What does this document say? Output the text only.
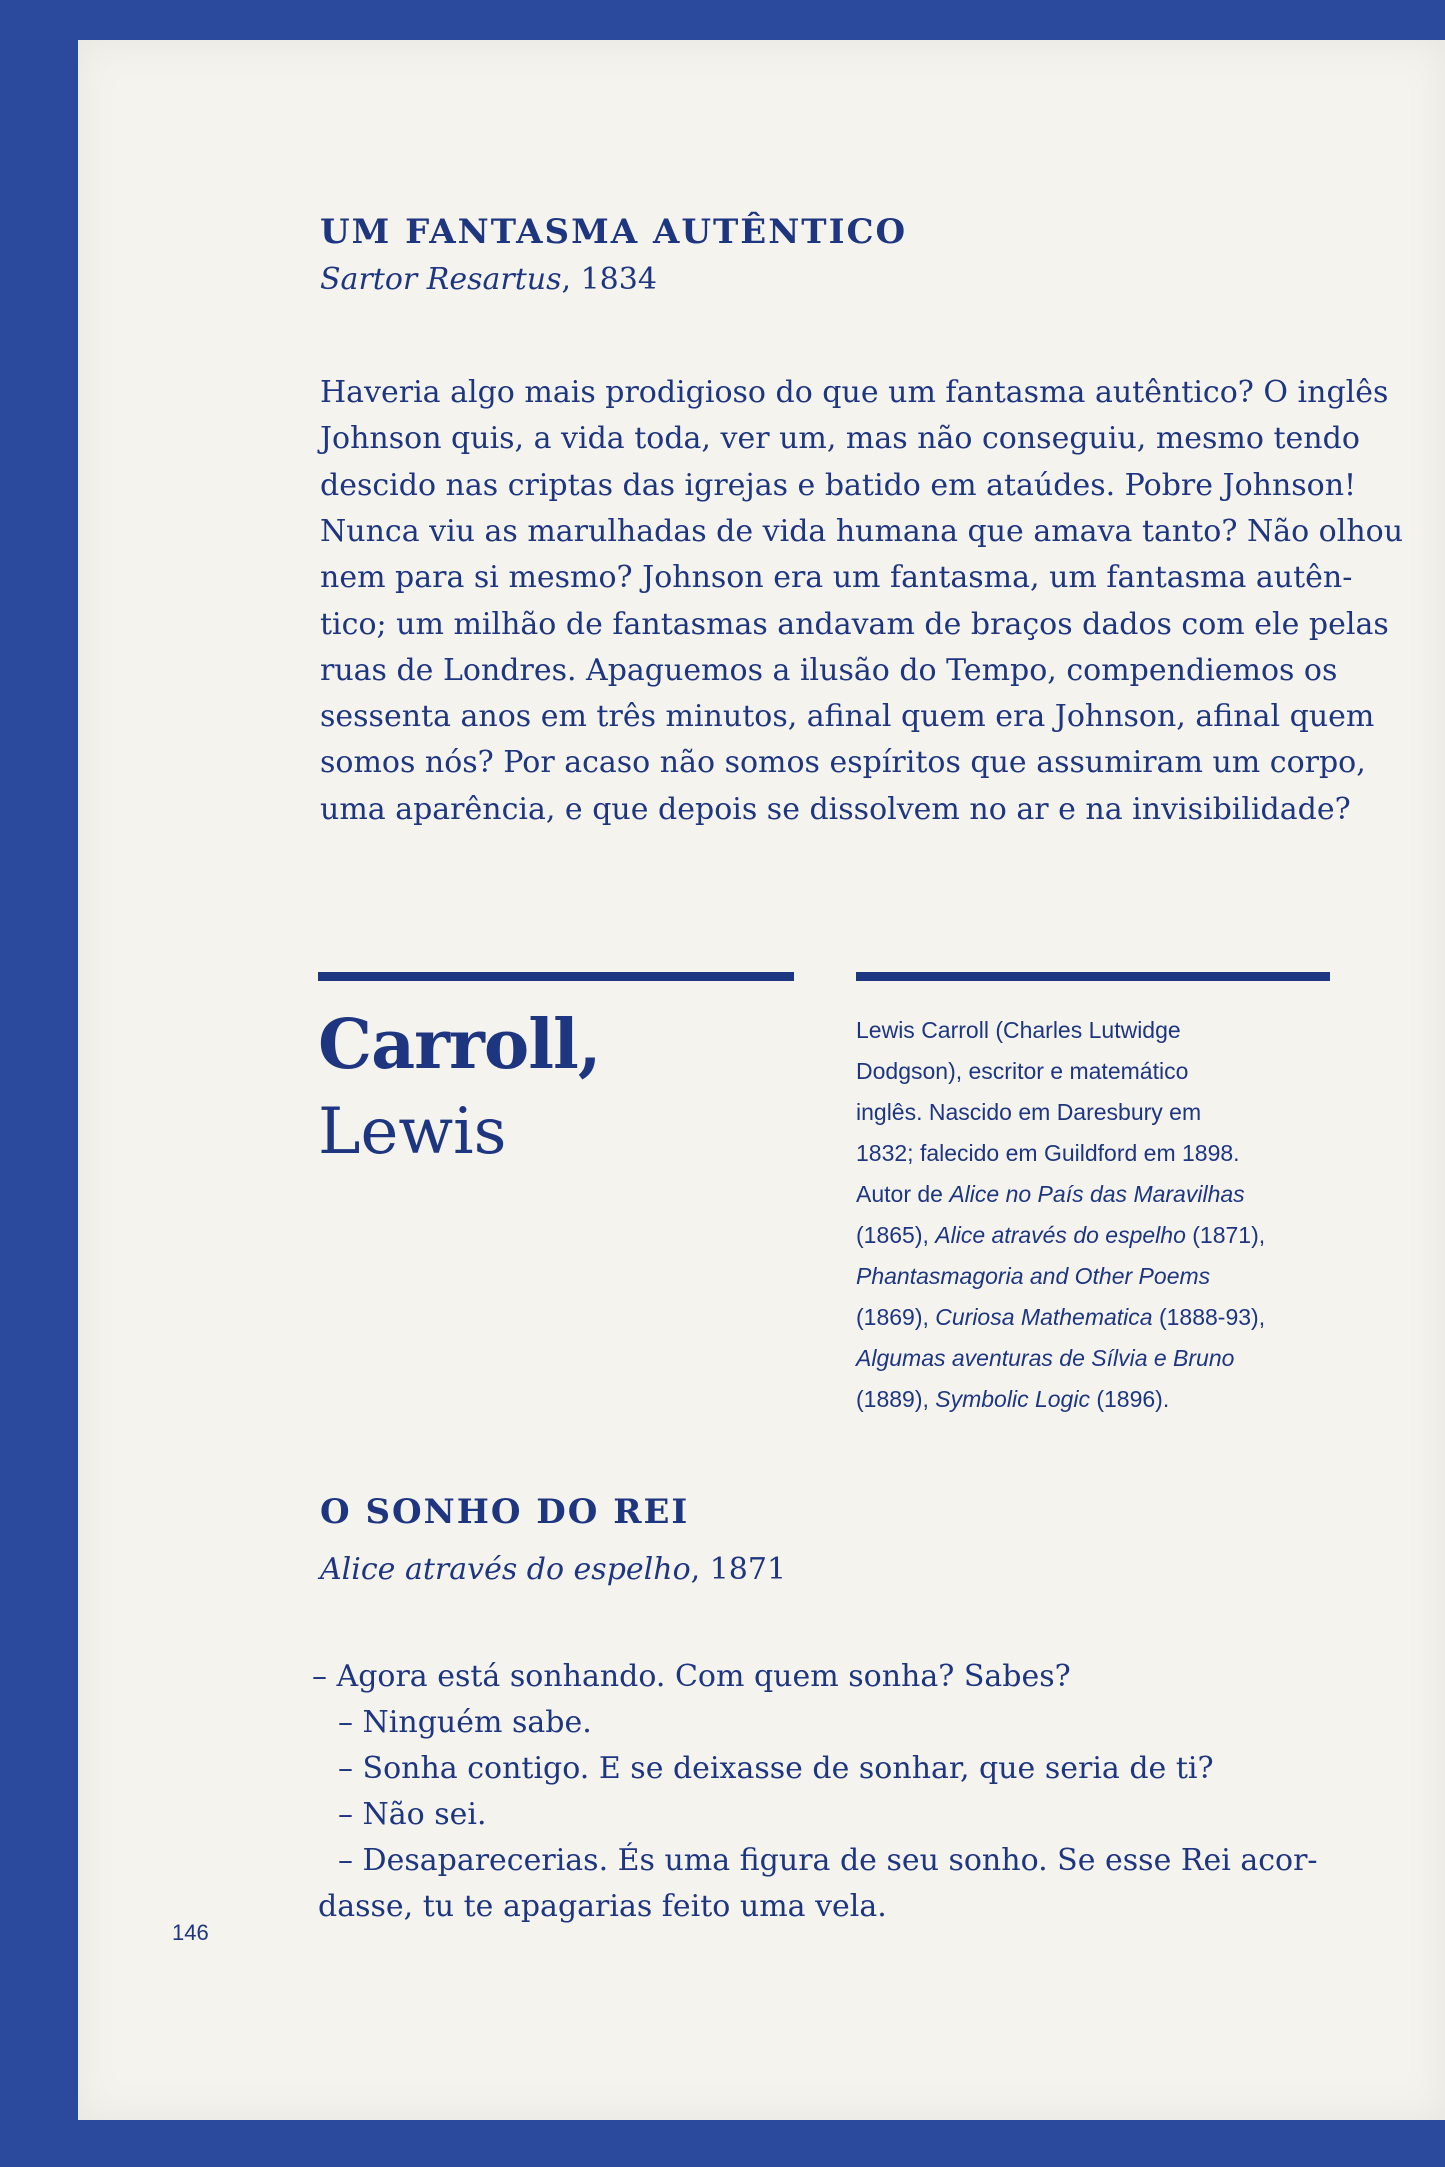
UM FANTASMA AUTÊNTICO
Sartor Resartus, 1834
Haveria algo mais prodigioso do que um fantasma autêntico? O inglês
Johnson quis, a vida toda, ver um, mas não conseguiu, mesmo tendo
descido nas criptas das igrejas e batido em ataúdes. Pobre Johnson!
Nunca viu as marulhadas de vida humana que amava tanto? Não olhou
nem para si mesmo? Johnson era um fantasma, um fantasma autên-
tico; um milhão de fantasmas andavam de braços dados com ele pelas
ruas de Londres. Apaguemos a ilusão do Tempo, compendiemos os
sessenta anos em três minutos, afinal quem era Johnson, afinal quem
somos nós? Por acaso não somos espíritos que assumiram um corpo,
uma aparência, e que depois se dissolvem no ar e na invisibilidade?
Carroll,
Lewis
Lewis Carroll (Charles Lutwidge
Dodgson), escritor e matemático
inglês. Nascido em Daresbury em
1832; falecido em Guildford em 1898.
Autor de Alice no País das Maravilhas
(1865), Alice através do espelho (1871),
Phantasmagoria and Other Poems
(1869), Curiosa Mathematica (1888-93),
Algumas aventuras de Sílvia e Bruno
(1889), Symbolic Logic (1896).
O SONHO DO REI
Alice através do espelho, 1871
– Agora está sonhando. Com quem sonha? Sabes?
– Ninguém sabe.
– Sonha contigo. E se deixasse de sonhar, que seria de ti?
– Não sei.
– Desaparecerias. És uma figura de seu sonho. Se esse Rei acor-
dasse, tu te apagarias feito uma vela.
146
